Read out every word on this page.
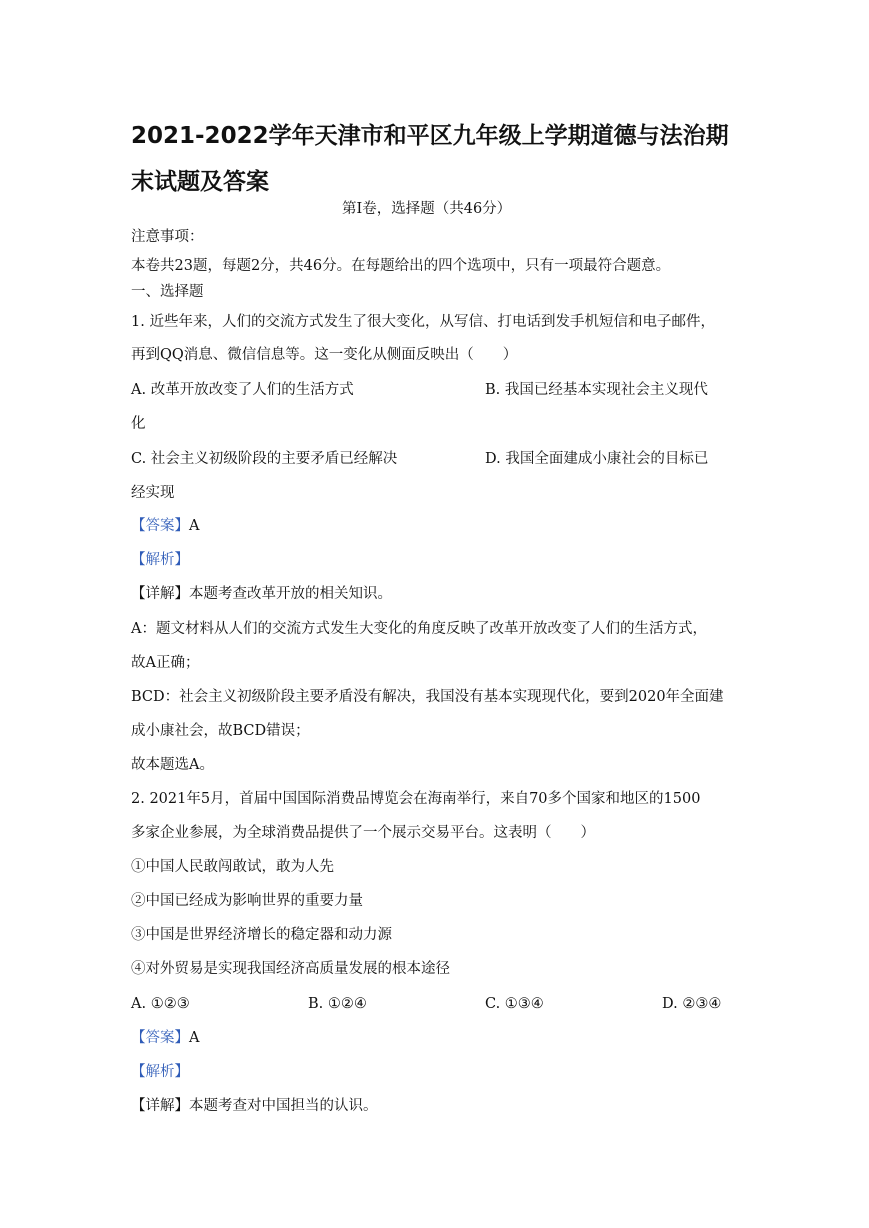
2021-2022学年天津市和平区九年级上学期道德与法治期末试题及答案
第Ⅰ卷，选择题（共46分）
注意事项：
本卷共23题，每题2分，共46分。在每题给出的四个选项中，只有一项最符合题意。
一、选择题
1. 近些年来，人们的交流方式发生了很大变化，从写信、打电话到发手机短信和电子邮件，
再到QQ消息、微信信息等。这一变化从侧面反映出（　　）
A. 改革开放改变了人们的生活方式	B. 我国已经基本实现社会主义现代
化
C. 社会主义初级阶段的主要矛盾已经解决	D. 我国全面建成小康社会的目标已
经实现
【答案】A
【解析】
【详解】本题考查改革开放的相关知识。
A：题文材料从人们的交流方式发生大变化的角度反映了改革开放改变了人们的生活方式，
故A正确；
BCD：社会主义初级阶段主要矛盾没有解决，我国没有基本实现现代化，要到2020年全面建
成小康社会，故BCD错误；
故本题选A。
2. 2021年5月，首届中国国际消费品博览会在海南举行，来自70多个国家和地区的1500
多家企业参展，为全球消费品提供了一个展示交易平台。这表明（　　）
①中国人民敢闯敢试，敢为人先
②中国已经成为影响世界的重要力量
③中国是世界经济增长的稳定器和动力源
④对外贸易是实现我国经济高质量发展的根本途径
A. ①②③	B. ①②④	C. ①③④	D. ②③④
【答案】A
【解析】
【详解】本题考查对中国担当的认识。
